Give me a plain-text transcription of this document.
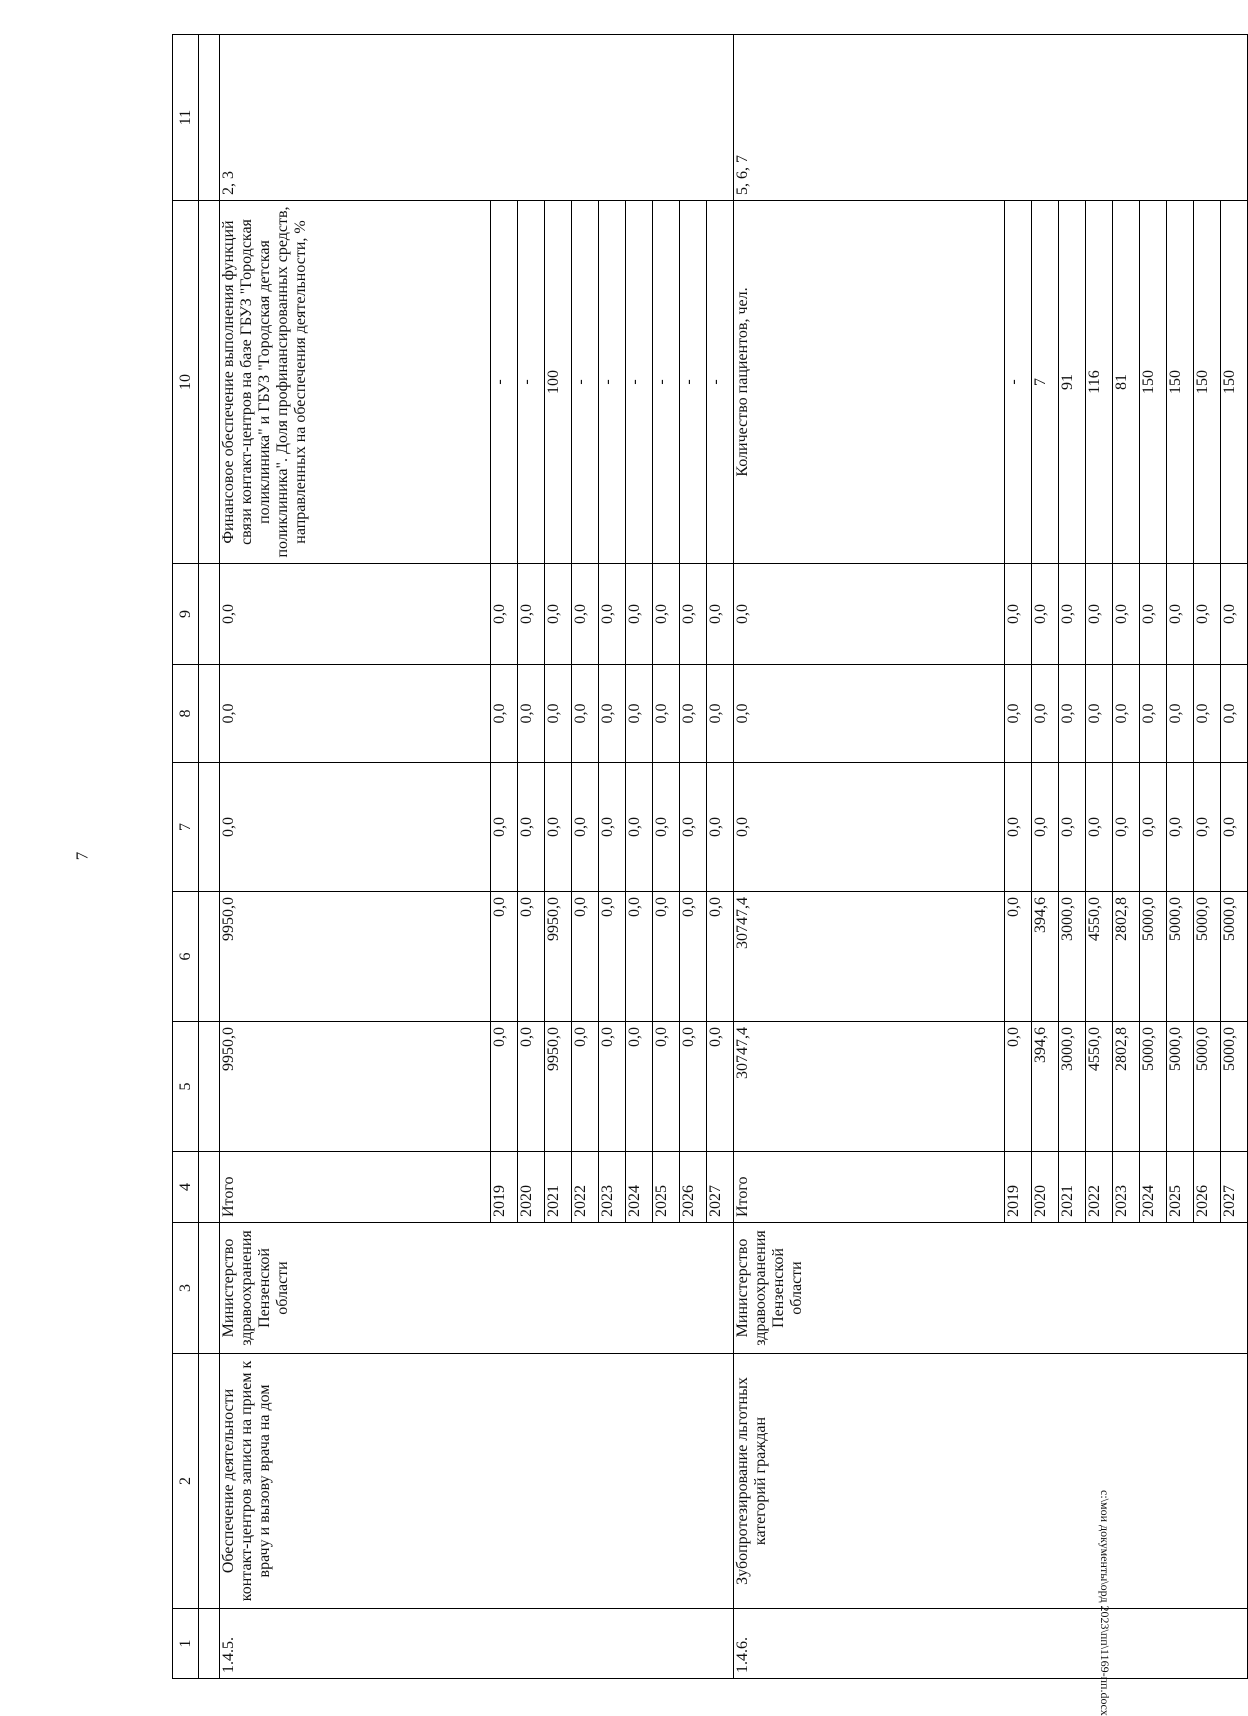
7
1	2	3	4	5	6	7	8	9	10	11

1.4.5.	Обеспечение деятельности контакт-центров записи на прием к врачу и вызову врача на дом	Министерство здравоохранения Пензенской области	Итого	9950,0	9950,0	0,0	0,0	0,0	Финансовое обеспечение выполнения функций связи контакт-центров на базе ГБУЗ "Городская поликлиника" и ГБУЗ "Городская детская поликлиника". Доля профинансированных средств, направленных на обеспечения деятельности, %	2, 3
			2019	0,0	0,0	0,0	0,0	0,0	-	
			2020	0,0	0,0	0,0	0,0	0,0	-	
			2021	9950,0	9950,0	0,0	0,0	0,0	100	
			2022	0,0	0,0	0,0	0,0	0,0	-	
			2023	0,0	0,0	0,0	0,0	0,0	-	
			2024	0,0	0,0	0,0	0,0	0,0	-	
			2025	0,0	0,0	0,0	0,0	0,0	-	
			2026	0,0	0,0	0,0	0,0	0,0	-	
			2027	0,0	0,0	0,0	0,0	0,0	-	
1.4.6.	Зубопротезирование льготных категорий граждан	Министерство здравоохранения Пензенской области	Итого	30747,4	30747,4	0,0	0,0	0,0	Количество пациентов, чел.	5, 6, 7
			2019	0,0	0,0	0,0	0,0	0,0	-	
			2020	394,6	394,6	0,0	0,0	0,0	7	
			2021	3000,0	3000,0	0,0	0,0	0,0	91	
			2022	4550,0	4550,0	0,0	0,0	0,0	116	
			2023	2802,8	2802,8	0,0	0,0	0,0	81	
			2024	5000,0	5000,0	0,0	0,0	0,0	150	
			2025	5000,0	5000,0	0,0	0,0	0,0	150	
			2026	5000,0	5000,0	0,0	0,0	0,0	150	
			2027	5000,0	5000,0	0,0	0,0	0,0	150	
c:\мои документы\орд 2023\пп\1169-пп.docx
